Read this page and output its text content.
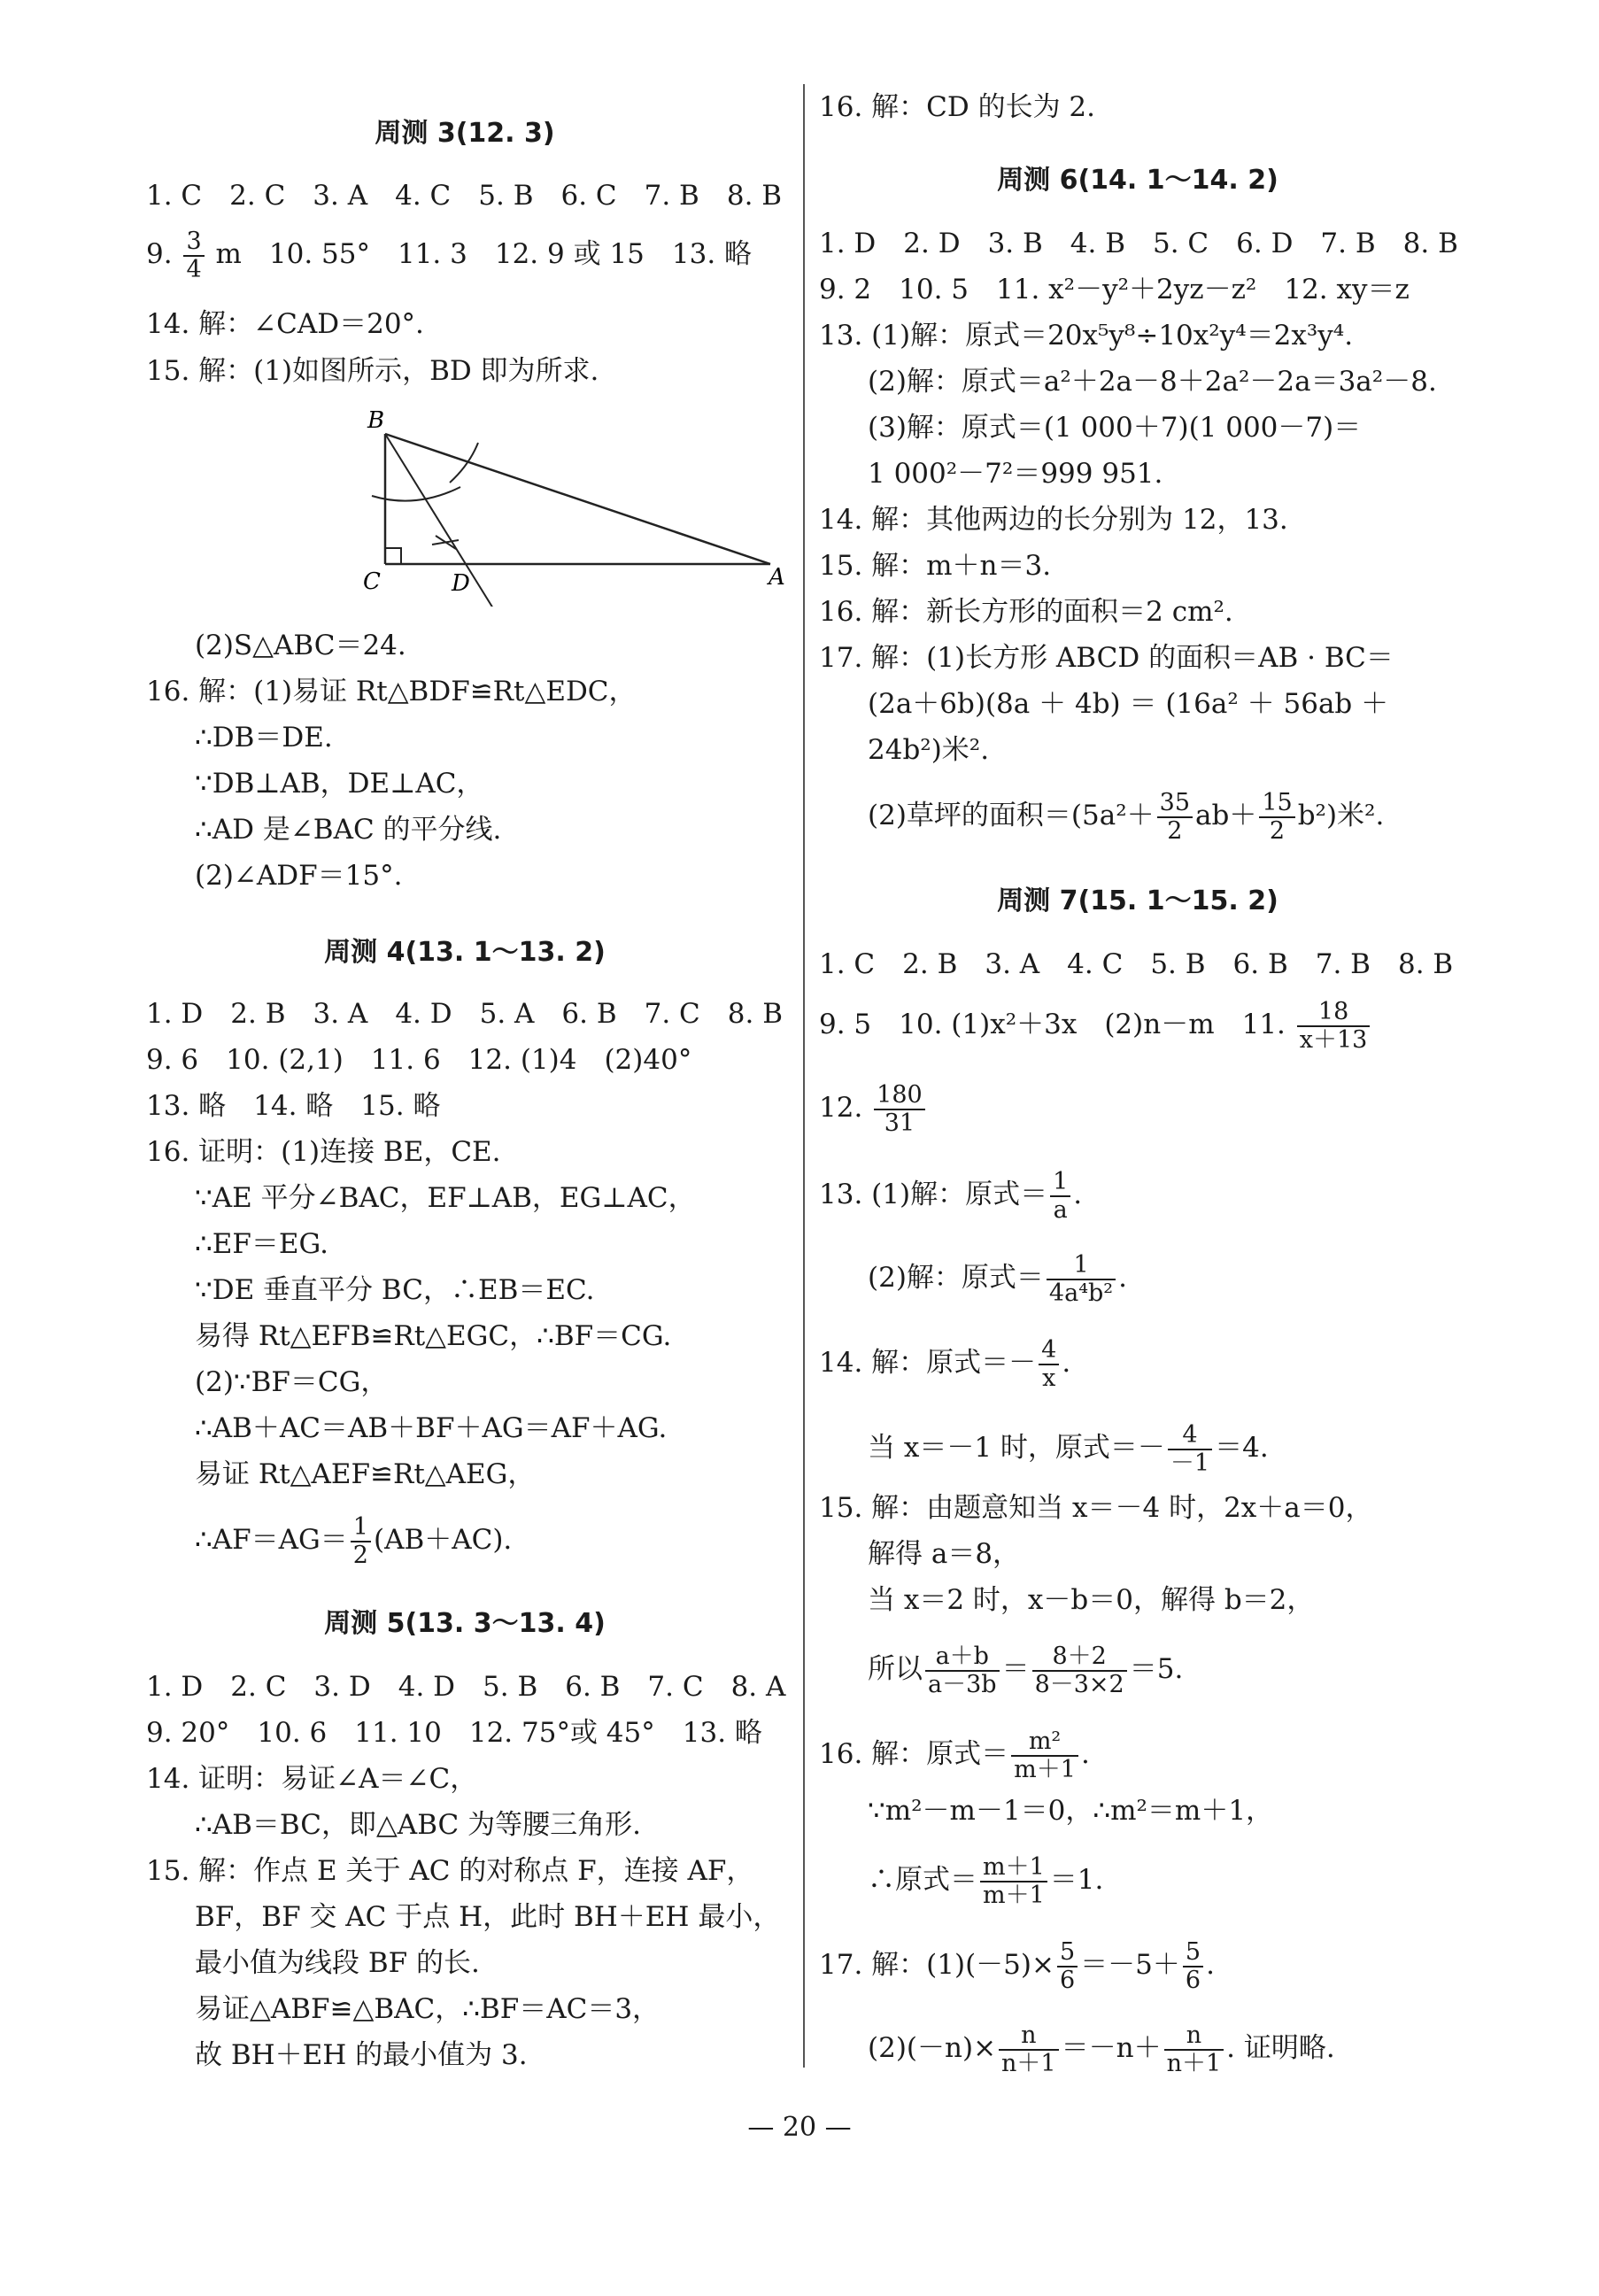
周测 3(12. 3)
1. C　2. C　3. A　4. C　5. B　6. C　7. B　8. B
9. $\frac{3}{4}$ m　10. 55°　11. 3　12. 9 或 15　13. 略
14. 解：∠CAD＝20°.
15. 解：(1)如图所示，BD 即为所求.
B
C	D	A
(2)S△ABC＝24.
16. 解：(1)易证 Rt△BDF≌Rt△EDC，
∴DB＝DE.
∵DB⊥AB，DE⊥AC，
∴AD 是∠BAC 的平分线.
(2)∠ADF＝15°.
周测 4(13. 1～13. 2)
1. D　2. B　3. A　4. D　5. A　6. B　7. C　8. B
9. 6　10. (2,1)　11. 6　12. (1)4　(2)40°
13. 略　14. 略　15. 略
16. 证明：(1)连接 BE，CE.
∵AE 平分∠BAC，EF⊥AB，EG⊥AC，
∴EF＝EG.
∵DE 垂直平分 BC，∴EB＝EC.
易得 Rt△EFB≌Rt△EGC，∴BF＝CG.
(2)∵BF＝CG，
∴AB＋AC＝AB＋BF＋AG＝AF＋AG.
易证 Rt△AEF≌Rt△AEG，
∴AF＝AG＝ $\frac{1}{2} (AB+AC)$.
周测 5(13. 3～13. 4)
1. D　2. C　3. D　4. D　5. B　6. B　7. C　8. A
9. 20°　10. 6　11. 10　12. 75°或 45°　13. 略
14. 证明：易证∠A＝∠C，
∴AB＝BC，即△ABC 为等腰三角形.
15. 解：作点 E 关于 AC 的对称点 F，连接 AF，
BF，BF 交 AC 于点 H，此时 BH＋EH 最小，
最小值为线段 BF 的长.
易证△ABF≌△BAC，∴BF＝AC＝3，
故 BH＋EH 的最小值为 3.
16. 解：CD 的长为 2.
周测 6(14. 1～14. 2)
1. D　2. D　3. B　4. B　5. C　6. D　7. B　8. B
9. 2　10. 5　11. x²－y²＋2yz－z²　12. xy＝z
13. (1)解：原式＝20x⁵y⁸÷10x²y⁴＝2x³y⁴.
(2)解：原式＝a²＋2a－8＋2a²－2a＝3a²－8.
(3)解：原式＝(1 000＋7)(1 000－7)＝
1 000²－7²＝999 951.
14. 解：其他两边的长分别为 12，13.
15. 解：m＋n＝3.
16. 解：新长方形的面积＝2 cm².
17. 解：(1)长方形 ABCD 的面积＝AB · BC＝
(2a＋6b)(8a ＋ 4b) ＝ (16a² ＋ 56ab ＋
24b²)米².
(2)草坪的面积$=(5a^2+ \frac{35}{2} ab+ \frac{15}{2} b^2)$米².
周测 7(15. 1～15. 2)
1. C　2. B　3. A　4. C　5. B　6. B　7. B　8. B
9. 5　10. (1)x²＋3x　(2)n－m　11. $\frac{18}{x+13}$
12. $\frac{180}{31}$
13. (1)解：原式＝ $\frac{1}{a}$ .
(2)解：原式＝ $\frac{1}{\text{4a⁴b²}}$ .
14. 解：原式＝－ $\frac{4}{x}$ .
当 x＝－1 时，原式＝－ $\frac{4}{-1} =4$.
15. 解：由题意知当 x＝－4 时，2x＋a＝0，
解得 a＝8，
当 x＝2 时，x－b＝0，解得 b＝2，
所以 $\frac{a+b}{a-3b} = \frac{8+2}{8-3\times 2} =5$.
16. 解：原式＝ $\frac{\text{m²}}{m+1}$ .
∵m²－m－1＝0，∴m²＝m＋1，
∴原式＝ $\frac{m+1}{m+1} =1$.
17. 解：$(1)(-5)\times \frac{5}{6} =-5+ \frac{5}{6}$ .
$(2)(-n)\times \frac{n}{n+1} =-n+ \frac{n}{n+1}$ . 证明略.
— 20 —
